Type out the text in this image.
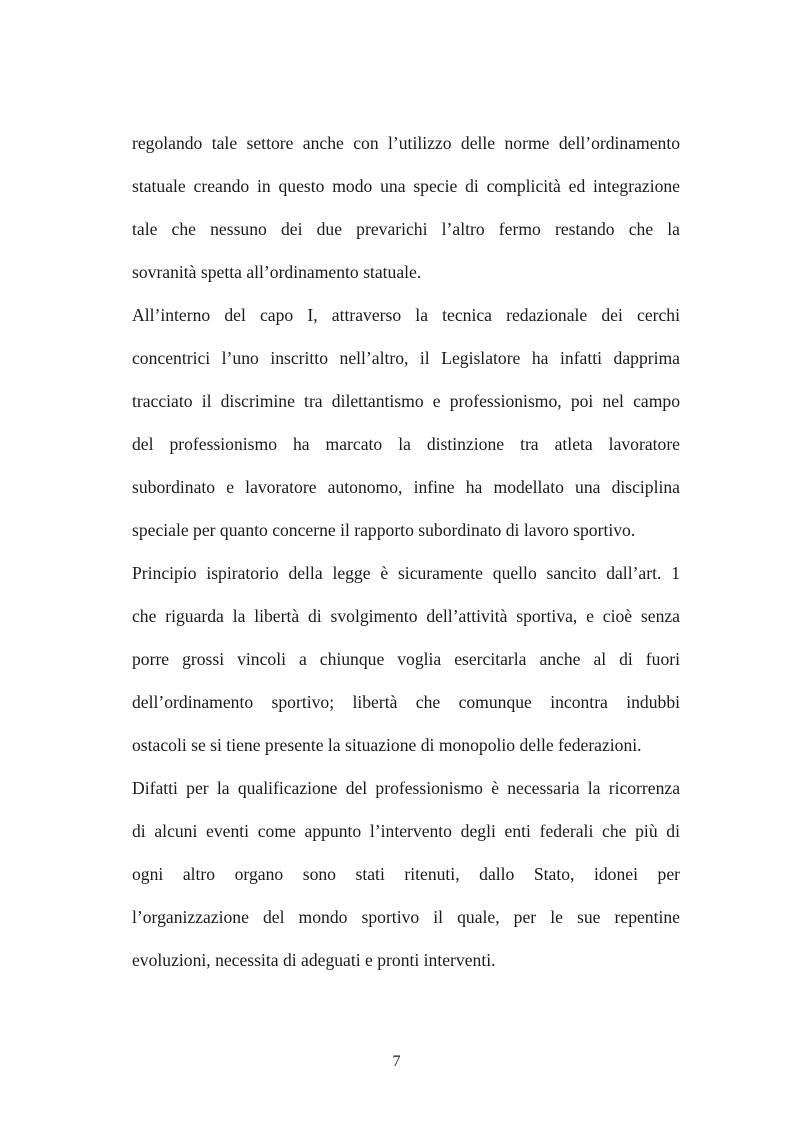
regolando tale settore anche con l’utilizzo delle norme dell’ordinamento
statuale creando in questo modo una specie di complicità ed integrazione
tale che nessuno dei due prevarichi l’altro fermo restando che la
sovranità spetta all’ordinamento statuale.
All’interno del capo I, attraverso la tecnica redazionale dei cerchi
concentrici l’uno inscritto nell’altro, il Legislatore ha infatti dapprima
tracciato il discrimine tra dilettantismo e professionismo, poi nel campo
del professionismo ha marcato la distinzione tra atleta lavoratore
subordinato e lavoratore autonomo, infine ha modellato una disciplina
speciale per quanto concerne il rapporto subordinato di lavoro sportivo.
Principio ispiratorio della legge è sicuramente quello sancito dall’art. 1
che riguarda la libertà di svolgimento dell’attività sportiva, e cioè senza
porre grossi vincoli a chiunque voglia esercitarla anche al di fuori
dell’ordinamento sportivo; libertà che comunque incontra indubbi
ostacoli se si tiene presente la situazione di monopolio delle federazioni.
Difatti per la qualificazione del professionismo è necessaria la ricorrenza
di alcuni eventi come appunto l’intervento degli enti federali che più di
ogni altro organo sono stati ritenuti, dallo Stato, idonei per
l’organizzazione del mondo sportivo il quale, per le sue repentine
evoluzioni, necessita di adeguati e pronti interventi.
7
